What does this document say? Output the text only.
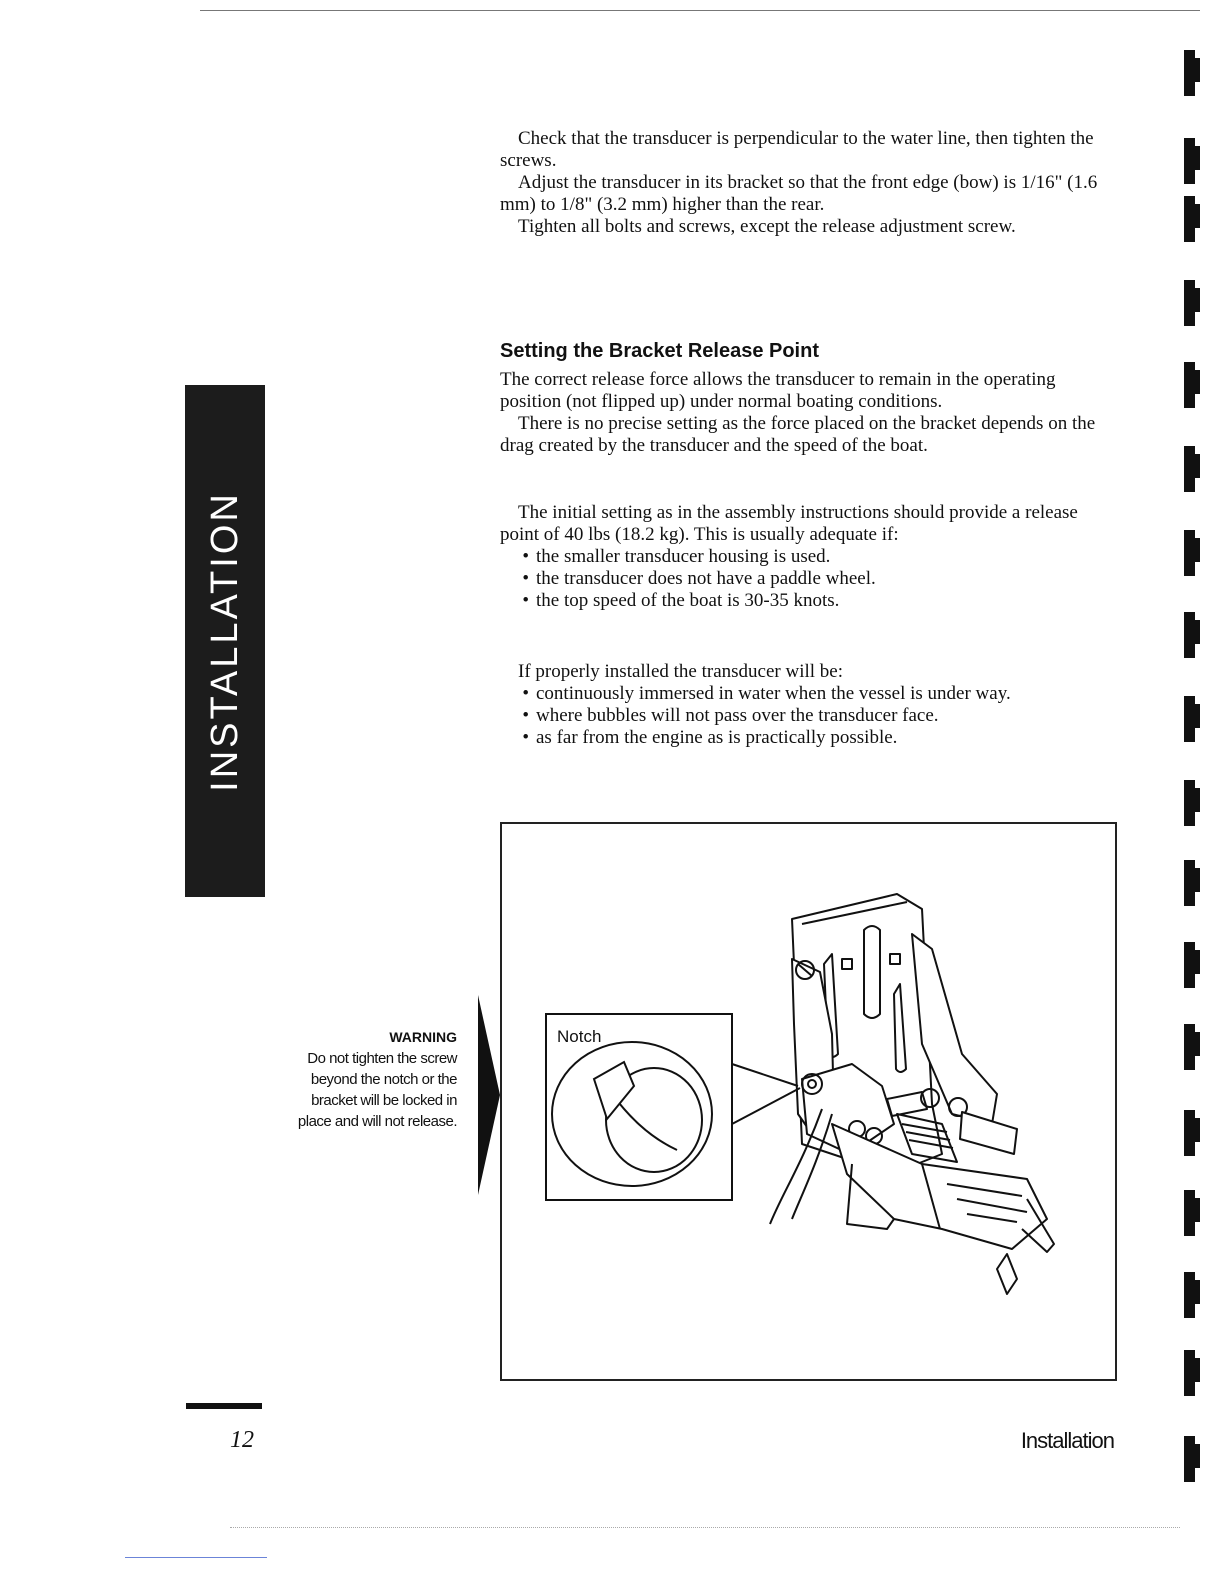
INSTALLATION

Check that the transducer is perpendicular to the water line, then tighten the screws.

Adjust the transducer in its bracket so that the front edge (bow) is 1/16" (1.6 mm) to 1/8" (3.2 mm) higher than the rear.

Tighten all bolts and screws, except the release adjustment screw.

Setting the Bracket Release Point

The correct release force allows the transducer to remain in the operating position (not flipped up) under normal boating conditions.

There is no precise setting as the force placed on the bracket depends on the drag created by the transducer and the speed of the boat.

The initial setting as in the assembly instructions should provide a release point of 40 lbs (18.2 kg). This is usually adequate if:

• the smaller transducer housing is used.
• the transducer does not have a paddle wheel.
• the top speed of the boat is 30-35 knots.

If properly installed the transducer will be:

• continuously immersed in water when the vessel is under way.
• where bubbles will not pass over the transducer face.
• as far from the engine as is practically possible.
WARNING
Do not tighten the screw beyond the notch or the bracket will be locked in place and will not release.
Notch
12	Installation
